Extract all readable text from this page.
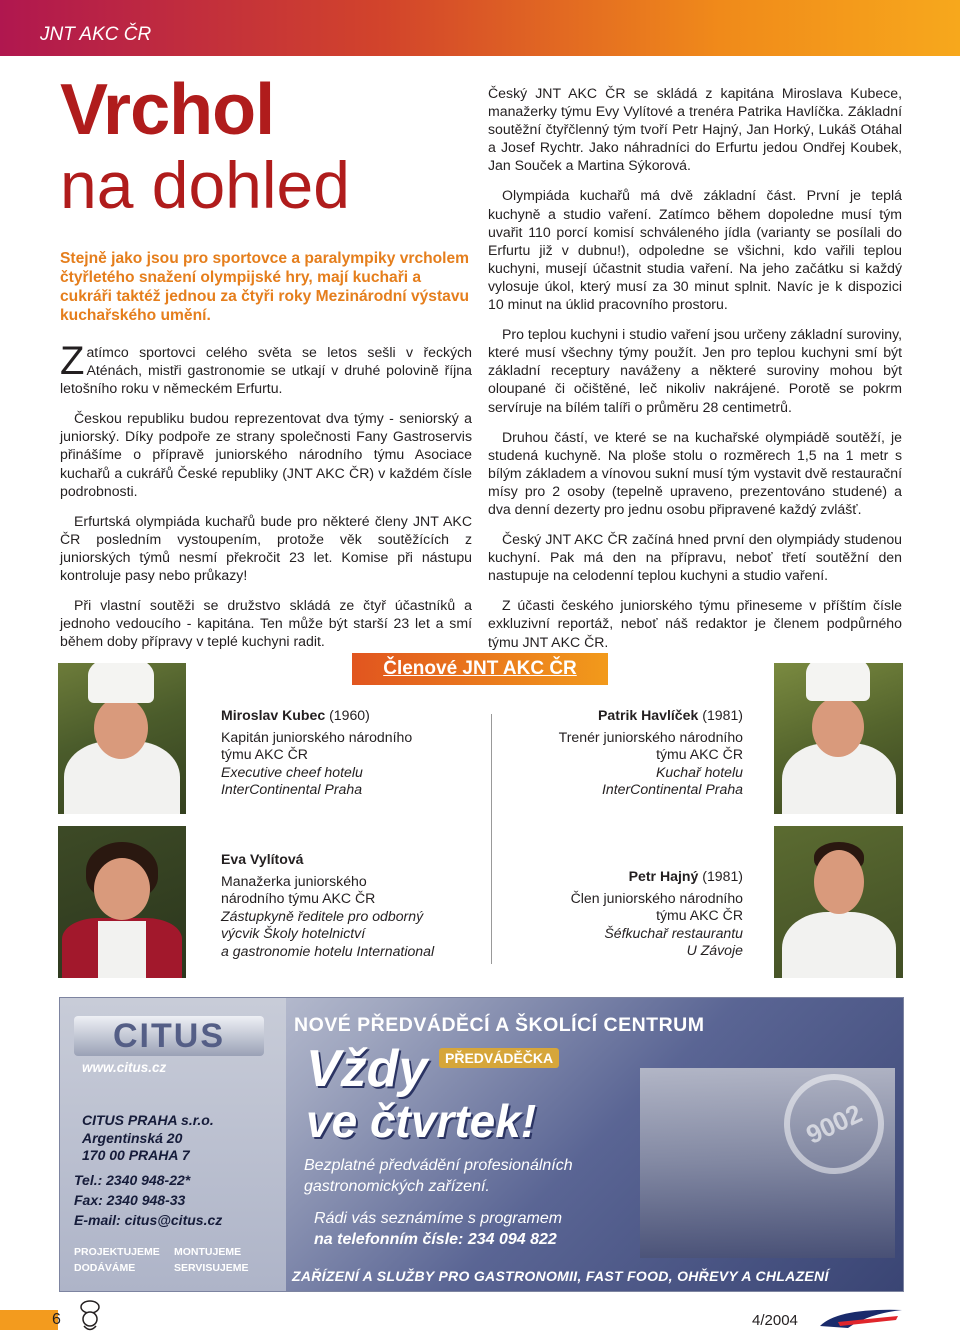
JNT AKC ČR
Vrchol
na dohled
Stejně jako jsou pro sportovce a paralympiky vrcholem čtyřletého snažení olympijské hry, mají kuchaři a cukráři taktéž jednou za čtyři roky Mezinárodní výstavu kuchařského umění.

Zatímco sportovci celého světa se letos sešli v řeckých Aténách, mistři gastronomie se utkají v druhé polovině října letošního roku v německém Erfurtu.

Českou republiku budou reprezentovat dva týmy - seniorský a juniorský. Díky podpoře ze strany společnosti Fany Gastroservis přinášíme o přípravě juniorského národního týmu Asociace kuchařů a cukrářů České republiky (JNT AKC ČR) v každém čísle podrobnosti.

Erfurtská olympiáda kuchařů bude pro některé členy JNT AKC ČR posledním vystoupením, protože věk soutěžících z juniorských týmů nesmí překročit 23 let. Komise při nástupu kontroluje pasy nebo průkazy!

Při vlastní soutěži se družstvo skládá ze čtyř účastníků a jednoho vedoucího - kapitána. Ten může být starší 23 let a smí během doby přípravy v teplé kuchyni radit.

Český JNT AKC ČR se skládá z kapitána Miroslava Kubece, manažerky týmu Evy Vylítové a trenéra Patrika Havlíčka. Základní soutěžní čtyřčlenný tým tvoří Petr Hajný, Jan Horký, Lukáš Otáhal a Josef Rychtr. Jako náhradníci do Erfurtu jedou Ondřej Koubek, Jan Souček a Martina Sýkorová.

Olympiáda kuchařů má dvě základní část. První je teplá kuchyně a studio vaření. Zatímco během dopoledne musí tým uvařit 110 porcí komisí schváleného jídla (varianty se posílali do Erfurtu již v dubnu!), odpoledne se všichni, kdo vařili teplou kuchyni, musejí účastnit studia vaření. Na jeho začátku si každý vylosuje úkol, který musí za 30 minut splnit. Navíc je k dispozici 10 minut na úklid pracovního prostoru.

Pro teplou kuchyni i studio vaření jsou určeny základní suroviny, které musí všechny týmy použít. Jen pro teplou kuchyni smí být základní receptury naváženy a některé suroviny mohou být oloupané či očištěné, leč nikoliv nakrájené. Porotě se pokrm servíruje na bílém talíři o průměru 28 centimetrů.

Druhou částí, ve které se na kuchařské olympiádě soutěží, je studená kuchyně. Na ploše stolu o rozměrech 1,5 na 1 metr s bílým základem a vínovou sukní musí tým vystavit dvě restaurační mísy pro 2 osoby (tepelně upraveno, prezentováno studené) a dva denní dezerty pro jednu osobu připravené každý zvlášť.

Český JNT AKC ČR začíná hned první den olympiády studenou kuchyní. Pak má den na přípravu, neboť třetí soutěžní den nastupuje na celodenní teplou kuchyni a studio vaření.

Z účasti českého juniorského týmu přineseme v příštím čísle exkluzivní reportáž, neboť náš redaktor je členem podpůrného týmu JNT AKC ČR.

Členové JNT AKC ČR
Miroslav Kubec (1960)
Kapitán juniorského národního
týmu AKC ČR
Executive cheef hotelu
InterContinental Praha
Patrik Havlíček (1981)
Trenér juniorského národního
týmu AKC ČR
Kuchař hotelu
InterContinental Praha
Eva Vylítová
Manažerka juniorského
národního týmu AKC ČR
Zástupkyně ředitele pro odborný
výcvik Školy hotelnictví
a gastronomie hotelu International
Petr Hajný (1981)
Člen juniorského národního
týmu AKC ČR
Šéfkuchař restaurantu
U Závoje
CITUS
www.citus.cz
CITUS PRAHA s.r.o.
Argentinská 20
170 00 PRAHA 7
Tel.: 2340 948-22*
Fax: 2340 948-33
E-mail: citus@citus.cz
PROJEKTUJEME MONTUJEME DODÁVÁME	SERVISUJEME
9002
NOVÉ PŘEDVÁDĚCÍ A ŠKOLÍCÍ CENTRUM
Vždy	PŘEDVÁDĚČKA
ve čtvrtek!
Bezplatné předvádění profesionálních
gastronomických zařízení.
Rádi vás seznámíme s programem
na telefonním čísle: 234 094 822
ZAŘÍZENÍ A SLUŽBY PRO GASTRONOMII, FAST FOOD, OHŘEVY A CHLAZENÍ
6	4/2004
